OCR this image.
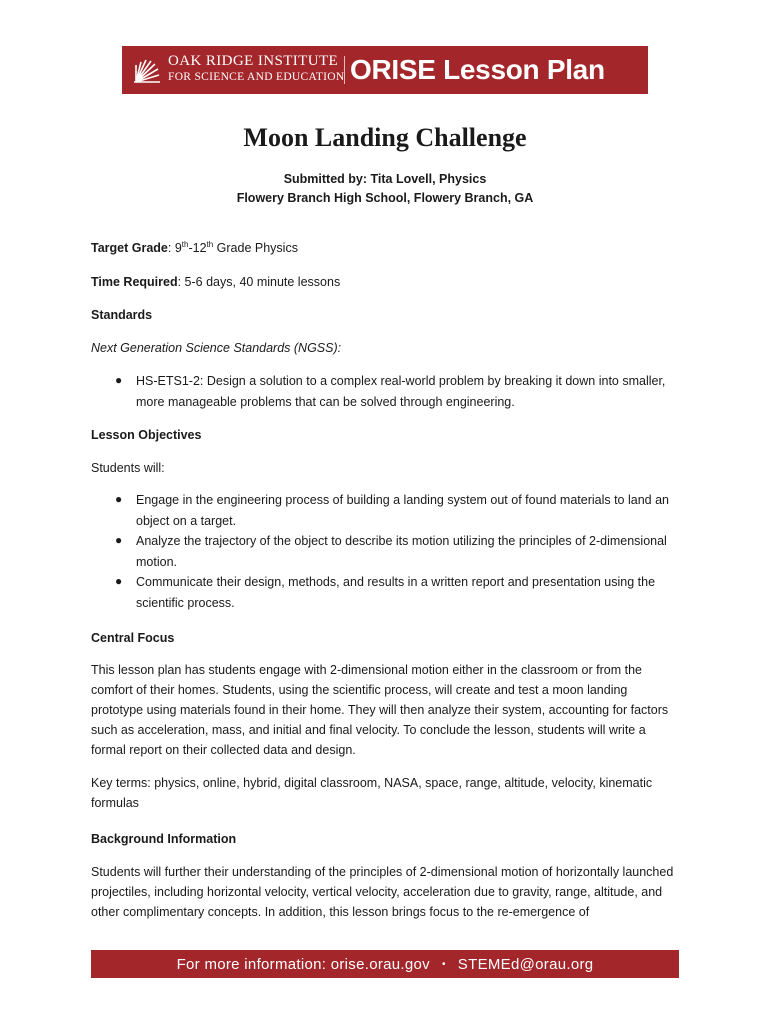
OAK RIDGE INSTITUTE
FOR SCIENCE AND EDUCATION ORISE Lesson Plan
Moon Landing Challenge
Submitted by: Tita Lovell, Physics
Flowery Branch High School, Flowery Branch, GA
Target Grade: 9th-12th Grade Physics
Time Required: 5-6 days, 40 minute lessons
Standards
Next Generation Science Standards (NGSS):
● HS-ETS1-2: Design a solution to a complex real-world problem by breaking it down into smaller, more manageable problems that can be solved through engineering.
Lesson Objectives
Students will:
● Engage in the engineering process of building a landing system out of found materials to land an object on a target.
● Analyze the trajectory of the object to describe its motion utilizing the principles of 2-dimensional motion.
● Communicate their design, methods, and results in a written report and presentation using the scientific process.
Central Focus
This lesson plan has students engage with 2-dimensional motion either in the classroom or from the comfort of their homes. Students, using the scientific process, will create and test a moon landing prototype using materials found in their home. They will then analyze their system, accounting for factors such as acceleration, mass, and initial and final velocity. To conclude the lesson, students will write a formal report on their collected data and design.
Key terms: physics, online, hybrid, digital classroom, NASA, space, range, altitude, velocity, kinematic formulas
Background Information
Students will further their understanding of the principles of 2-dimensional motion of horizontally launched projectiles, including horizontal velocity, vertical velocity, acceleration due to gravity, range, altitude, and other complimentary concepts. In addition, this lesson brings focus to the re-emergence of
For more information: orise.orau.gov • STEMEd@orau.org
